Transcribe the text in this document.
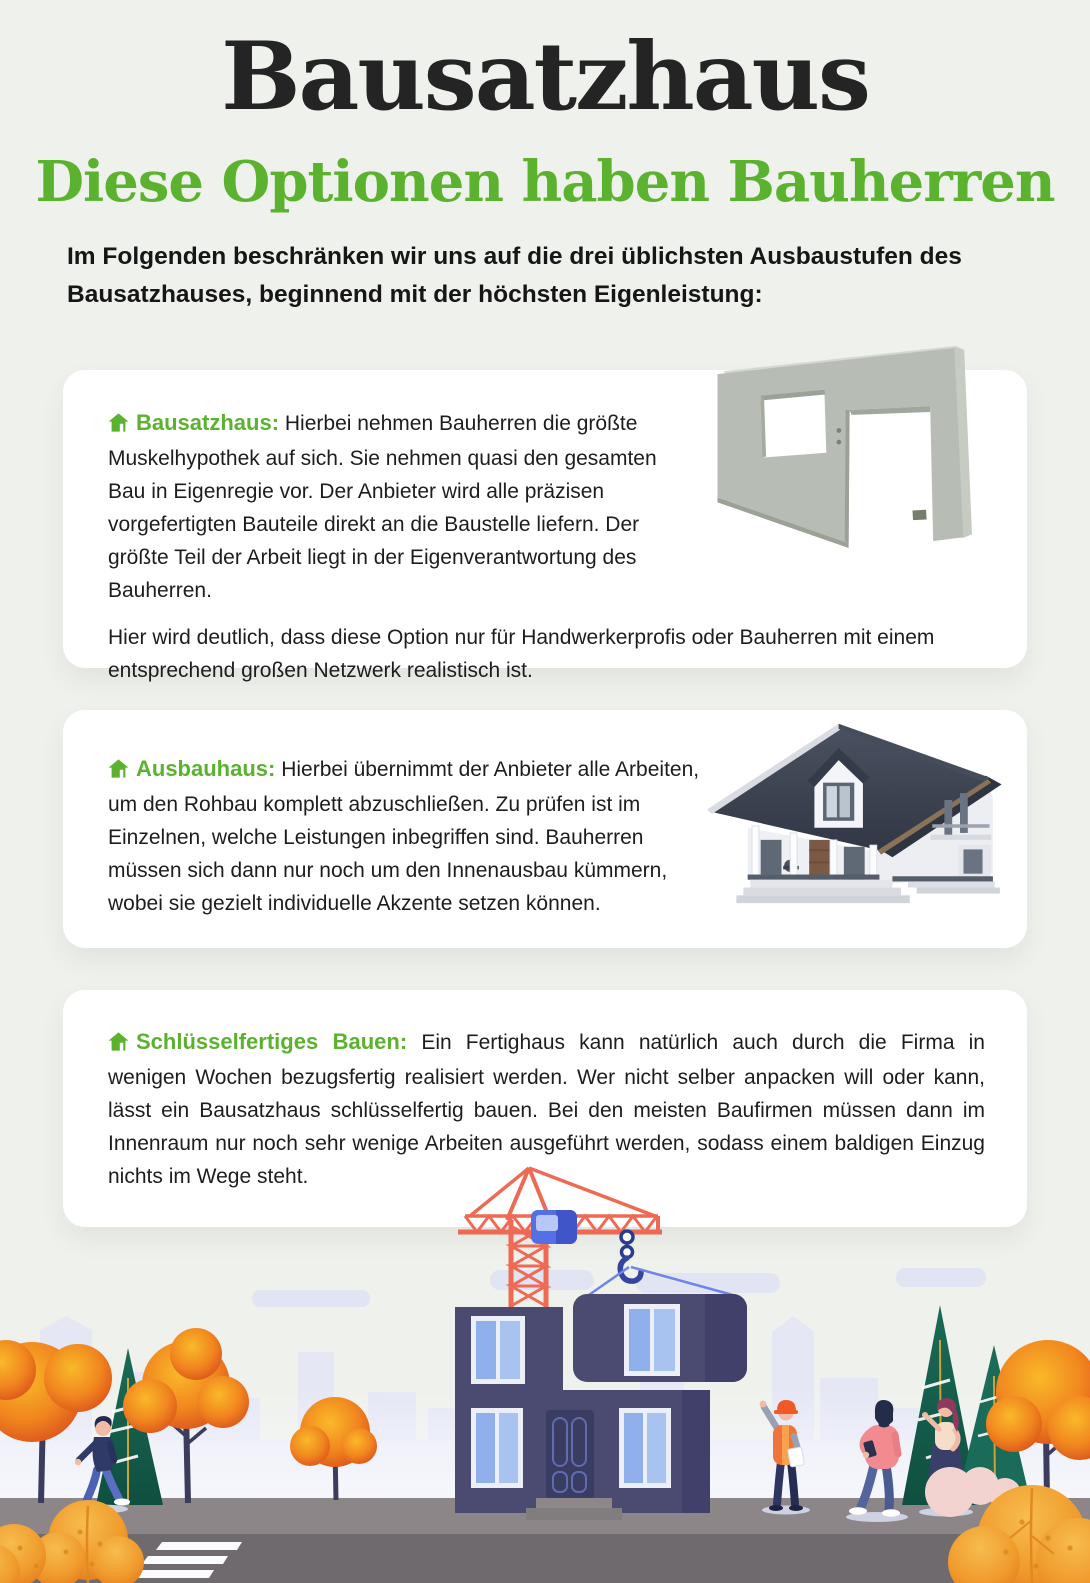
Bausatzhaus
Diese Optionen haben Bauherren

Im Folgenden beschränken wir uns auf die drei üblichsten Ausbaustufen des Bausatzhauses, beginnend mit der höchsten Eigenleistung:

Bausatzhaus: Hierbei nehmen Bauherren die größte Muskelhypothek auf sich. Sie nehmen quasi den gesamten Bau in Eigenregie vor. Der Anbieter wird alle präzisen vorgefertigten Bauteile direkt an die Baustelle liefern. Der größte Teil der Arbeit liegt in der Eigenverantwortung des Bauherren.

Hier wird deutlich, dass diese Option nur für Handwerkerprofis oder Bauherren mit einem entsprechend großen Netzwerk realistisch ist.

Ausbauhaus: Hierbei übernimmt der Anbieter alle Arbeiten, um den Rohbau komplett abzuschließen. Zu prüfen ist im Einzelnen, welche Leistungen inbegriffen sind. Bauherren müssen sich dann nur noch um den Innenausbau kümmern, wobei sie gezielt individuelle Akzente setzen können.

Schlüsselfertiges Bauen: Ein Fertighaus kann natürlich auch durch die Firma in wenigen Wochen bezugsfertig realisiert werden. Wer nicht selber anpacken will oder kann, lässt ein Bausatzhaus schlüsselfertig bauen. Bei den meisten Baufirmen müssen dann im Innenraum nur noch sehr wenige Arbeiten ausgeführt werden, sodass einem baldigen Einzug nichts im Wege steht.
